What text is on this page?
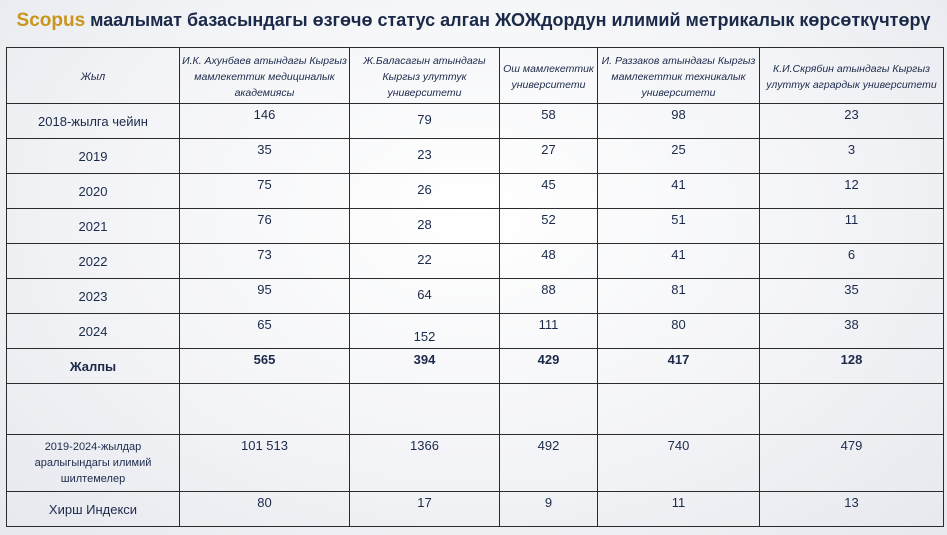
Scopus маалымат базасындагы өзгөчө статус алган ЖОЖдордун илимий метрикалык көрсөткүчтөрү
Жыл	И.К. Ахунбаев атындагы Кыргыз мамлекеттик медициналык академиясы	Ж.Баласагын атындагы Кыргыз улуттук университети	Ош мамлекеттик университети	И. Раззаков атындагы Кыргыз мамлекеттик техникалык университети	К.И.Скрябин атындагы Кыргыз улуттук агрардык университети
2018-жылга чейин	146	79	58	98	23
2019	35	23	27	25	3
2020	75	26	45	41	12
2021	76	28	52	51	11
2022	73	22	48	41	6
2023	95	64	88	81	35
2024	65	152	111	80	38
Жалпы	565	394	429	417	128

2019-2024-жылдар аралыгындагы илимий шилтемелер	101 513	1366	492	740	479
Хирш Индекси	80	17	9	11	13
